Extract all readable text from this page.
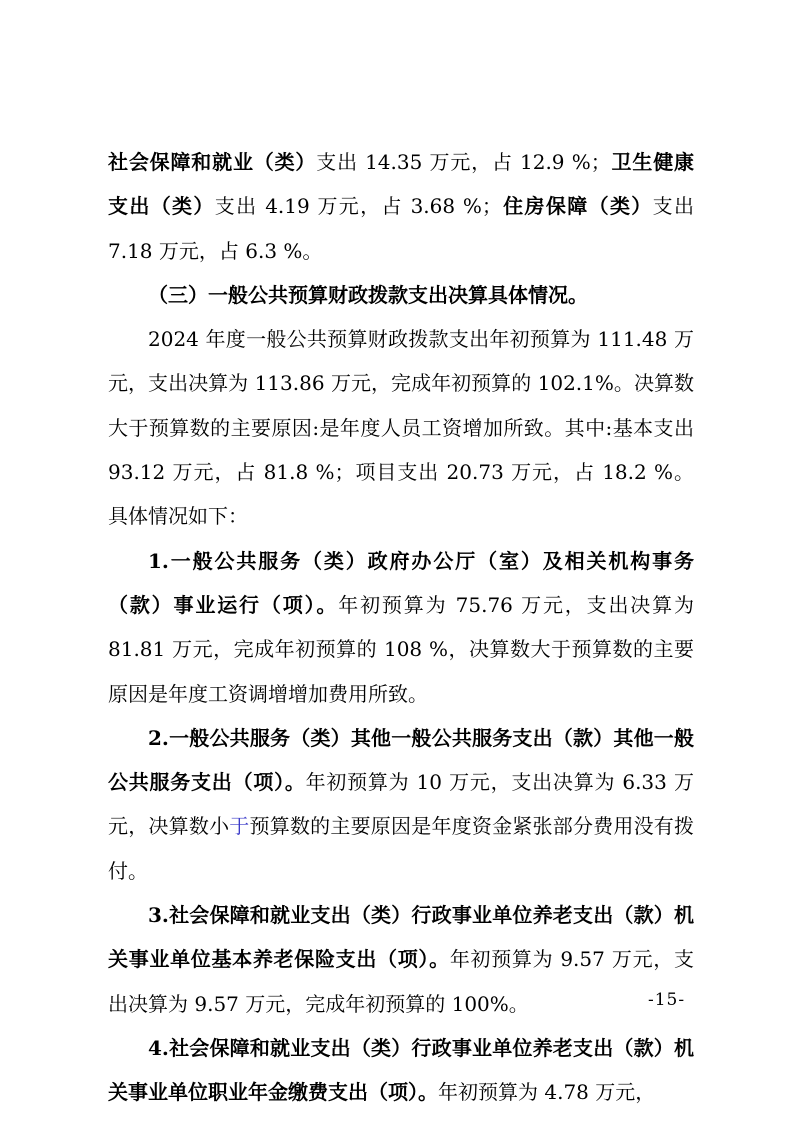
社会保障和就业（类）支出 14.35 万元，占 12.9 %；卫生健康支出（类）支出 4.19 万元，占 3.68 %；住房保障（类）支出 7.18 万元，占 6.3 %。

（三）一般公共预算财政拨款支出决算具体情况。

2024 年度一般公共预算财政拨款支出年初预算为 111.48 万元，支出决算为 113.86 万元，完成年初预算的 102.1%。决算数大于预算数的主要原因:是年度人员工资增加所致。其中:基本支出 93.12 万元，占 81.8 %；项目支出 20.73 万元，占 18.2 %。具体情况如下：

1.一般公共服务（类）政府办公厅（室）及相关机构事务（款）事业运行（项）。年初预算为 75.76 万元，支出决算为 81.81 万元，完成年初预算的 108 %，决算数大于预算数的主要原因是年度工资调增增加费用所致。

2.一般公共服务（类）其他一般公共服务支出（款）其他一般公共服务支出（项）。年初预算为 10 万元，支出决算为 6.33 万元，决算数小于预算数的主要原因是年度资金紧张部分费用没有拨付。

3.社会保障和就业支出（类）行政事业单位养老支出（款）机关事业单位基本养老保险支出（项）。年初预算为 9.57 万元，支出决算为 9.57 万元，完成年初预算的 100%。

4.社会保障和就业支出（类）行政事业单位养老支出（款）机关事业单位职业年金缴费支出（项）。年初预算为 4.78 万元，

-15-
